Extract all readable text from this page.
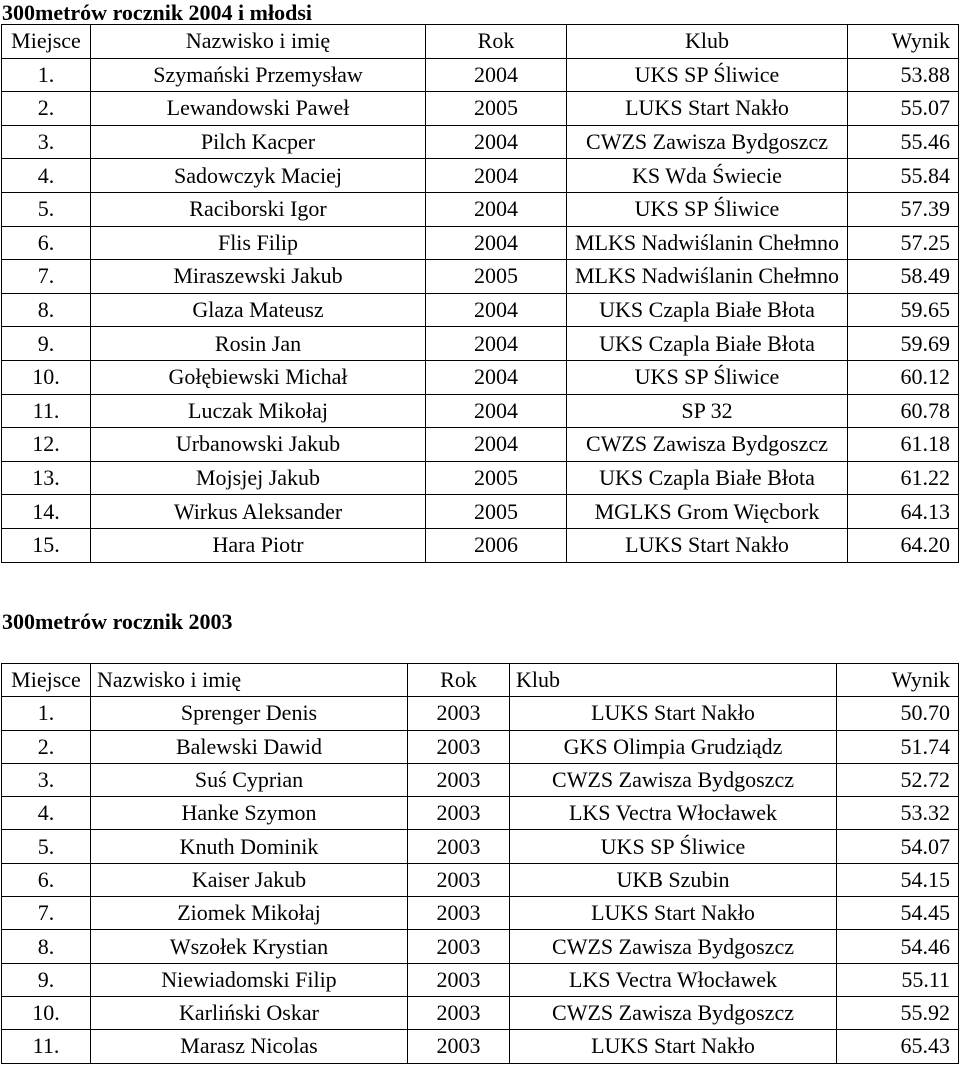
300metrów rocznik 2004 i młodsi
Miejsce	Nazwisko i imię	Rok	Klub	Wynik
1.	Szymański Przemysław	2004	UKS SP Śliwice	53.88
2.	Lewandowski Paweł	2005	LUKS Start Nakło	55.07
3.	Pilch Kacper	2004	CWZS Zawisza Bydgoszcz	55.46
4.	Sadowczyk Maciej	2004	KS Wda Świecie	55.84
5.	Raciborski Igor	2004	UKS SP Śliwice	57.39
6.	Flis Filip	2004	MLKS Nadwiślanin Chełmno	57.25
7.	Miraszewski Jakub	2005	MLKS Nadwiślanin Chełmno	58.49
8.	Glaza Mateusz	2004	UKS Czapla Białe Błota	59.65
9.	Rosin Jan	2004	UKS Czapla Białe Błota	59.69
10.	Gołębiewski Michał	2004	UKS SP Śliwice	60.12
11.	Luczak Mikołaj	2004	SP 32	60.78
12.	Urbanowski Jakub	2004	CWZS Zawisza Bydgoszcz	61.18
13.	Mojsjej Jakub	2005	UKS Czapla Białe Błota	61.22
14.	Wirkus Aleksander	2005	MGLKS Grom Więcbork	64.13
15.	Hara Piotr	2006	LUKS Start Nakło	64.20
300metrów rocznik 2003
Miejsce	Nazwisko i imię	Rok	Klub	Wynik
1.	Sprenger Denis	2003	LUKS Start Nakło	50.70
2.	Balewski Dawid	2003	GKS Olimpia Grudziądz	51.74
3.	Suś Cyprian	2003	CWZS Zawisza Bydgoszcz	52.72
4.	Hanke Szymon	2003	LKS Vectra Włocławek	53.32
5.	Knuth Dominik	2003	UKS SP Śliwice	54.07
6.	Kaiser Jakub	2003	UKB Szubin	54.15
7.	Ziomek Mikołaj	2003	LUKS Start Nakło	54.45
8.	Wszołek Krystian	2003	CWZS Zawisza Bydgoszcz	54.46
9.	Niewiadomski Filip	2003	LKS Vectra Włocławek	55.11
10.	Karliński Oskar	2003	CWZS Zawisza Bydgoszcz	55.92
11.	Marasz Nicolas	2003	LUKS Start Nakło	65.43
